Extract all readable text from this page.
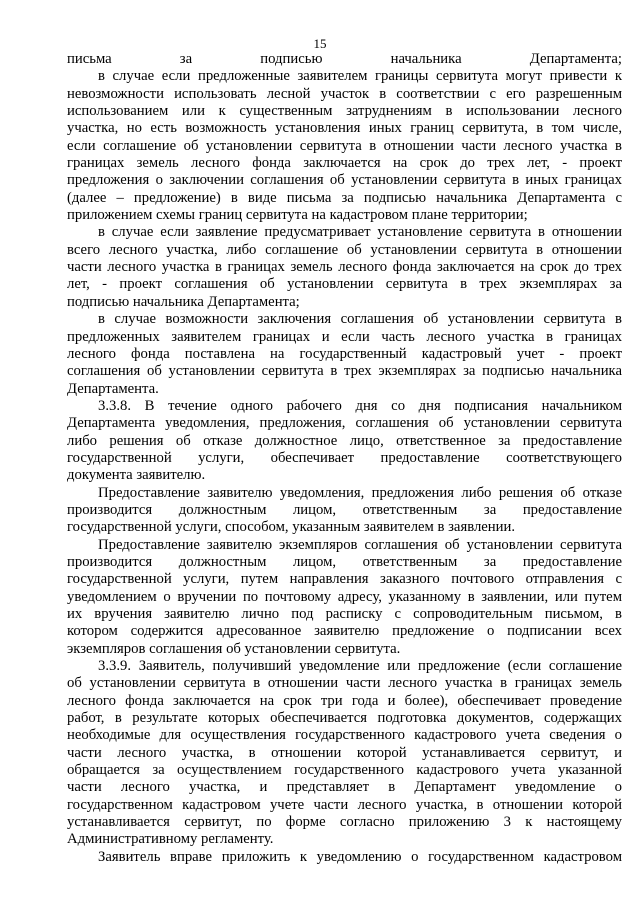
15
письма за подписью начальника Департамента;
в случае если предложенные заявителем границы сервитута могут привести к
невозможности использовать лесной участок в соответствии с его разрешенным
использованием или к существенным затруднениям в использовании лесного
участка, но есть возможность установления иных границ сервитута, в том числе,
если соглашение об установлении сервитута в отношении части лесного участка в
границах земель лесного фонда заключается на срок до трех лет, - проект
предложения о заключении соглашения об установлении сервитута в иных границах
(далее – предложение) в виде письма за подписью начальника Департамента с
приложением схемы границ сервитута на кадастровом плане территории;
в случае если заявление предусматривает установление сервитута в отношении
всего лесного участка, либо соглашение об установлении сервитута в отношении
части лесного участка в границах земель лесного фонда заключается на срок до трех
лет, - проект соглашения об установлении сервитута в трех экземплярах за
подписью начальника Департамента;
в случае возможности заключения соглашения об установлении сервитута в
предложенных заявителем границах и если часть лесного участка в границах
лесного фонда поставлена на государственный кадастровый учет - проект
соглашения об установлении сервитута в трех экземплярах за подписью начальника
Департамента.
3.3.8. В течение одного рабочего дня со дня подписания начальником
Департамента уведомления, предложения, соглашения об установлении сервитута
либо решения об отказе должностное лицо, ответственное за предоставление
государственной услуги, обеспечивает предоставление соответствующего
документа заявителю.
Предоставление заявителю уведомления, предложения либо решения об отказе
производится должностным лицом, ответственным за предоставление
государственной услуги, способом, указанным заявителем в заявлении.
Предоставление заявителю экземпляров соглашения об установлении сервитута
производится должностным лицом, ответственным за предоставление
государственной услуги, путем направления заказного почтового отправления с
уведомлением о вручении по почтовому адресу, указанному в заявлении, или путем
их вручения заявителю лично под расписку с сопроводительным письмом, в
котором содержится адресованное заявителю предложение о подписании всех
экземпляров соглашения об установлении сервитута.
3.3.9. Заявитель, получивший уведомление или предложение (если соглашение
об установлении сервитута в отношении части лесного участка в границах земель
лесного фонда заключается на срок три года и более), обеспечивает проведение
работ, в результате которых обеспечивается подготовка документов, содержащих
необходимые для осуществления государственного кадастрового учета сведения о
части лесного участка, в отношении которой устанавливается сервитут, и
обращается за осуществлением государственного кадастрового учета указанной
части лесного участка, и представляет в Департамент уведомление о
государственном кадастровом учете части лесного участка, в отношении которой
устанавливается сервитут, по форме согласно приложению 3 к настоящему
Административному регламенту.
Заявитель вправе приложить к уведомлению о государственном кадастровом
